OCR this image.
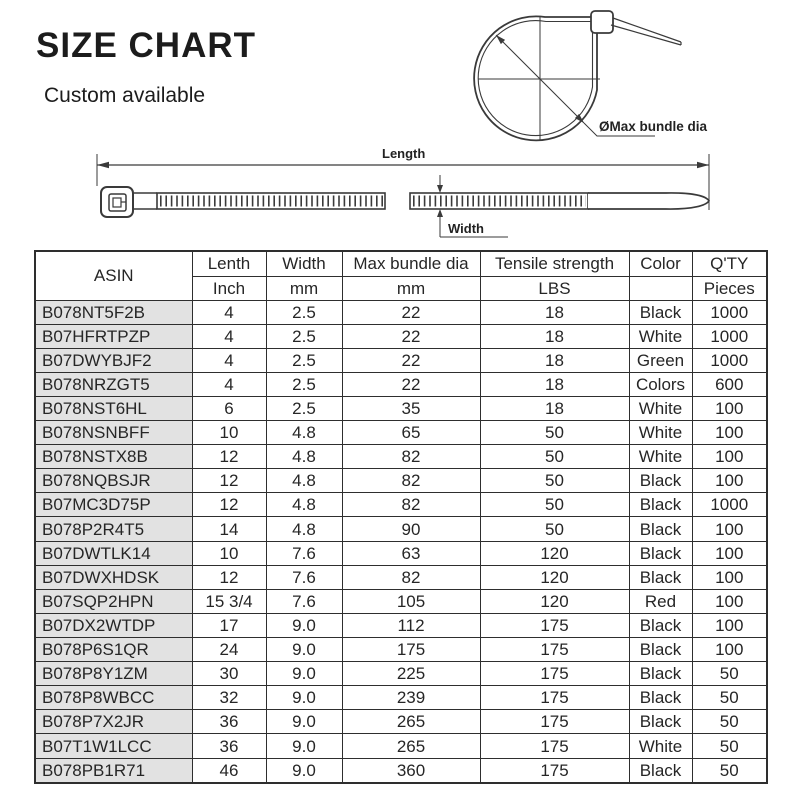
SIZE CHART
Custom available
ØMax bundle dia
Length
Width
ASIN	Lenth	Width	Max bundle dia	Tensile strength	Color	Q'TY
	Inch	mm	mm	LBS		Pieces
B078NT5F2B	4	2.5	22	18	Black	1000
B07HFRTPZP	4	2.5	22	18	White	1000
B07DWYBJF2	4	2.5	22	18	Green	1000
B078NRZGT5	4	2.5	22	18	Colors	600
B078NST6HL	6	2.5	35	18	White	100
B078NSNBFF	10	4.8	65	50	White	100
B078NSTX8B	12	4.8	82	50	White	100
B078NQBSJR	12	4.8	82	50	Black	100
B07MC3D75P	12	4.8	82	50	Black	1000
B078P2R4T5	14	4.8	90	50	Black	100
B07DWTLK14	10	7.6	63	120	Black	100
B07DWXHDSK	12	7.6	82	120	Black	100
B07SQP2HPN	15 3/4	7.6	105	120	Red	100
B07DX2WTDP	17	9.0	112	175	Black	100
B078P6S1QR	24	9.0	175	175	Black	100
B078P8Y1ZM	30	9.0	225	175	Black	50
B078P8WBCC	32	9.0	239	175	Black	50
B078P7X2JR	36	9.0	265	175	Black	50
B07T1W1LCC	36	9.0	265	175	White	50
B078PB1R71	46	9.0	360	175	Black	50
